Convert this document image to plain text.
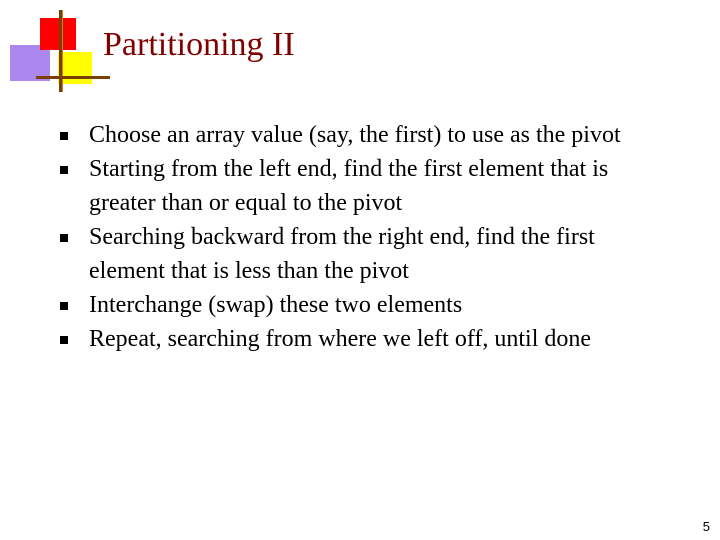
Partitioning II
Choose an array value (say, the first) to use as the pivot
Starting from the left end, find the first element that is greater than or equal to the pivot
Searching backward from the right end, find the first element that is less than the pivot
Interchange (swap) these two elements
Repeat, searching from where we left off, until done
5
